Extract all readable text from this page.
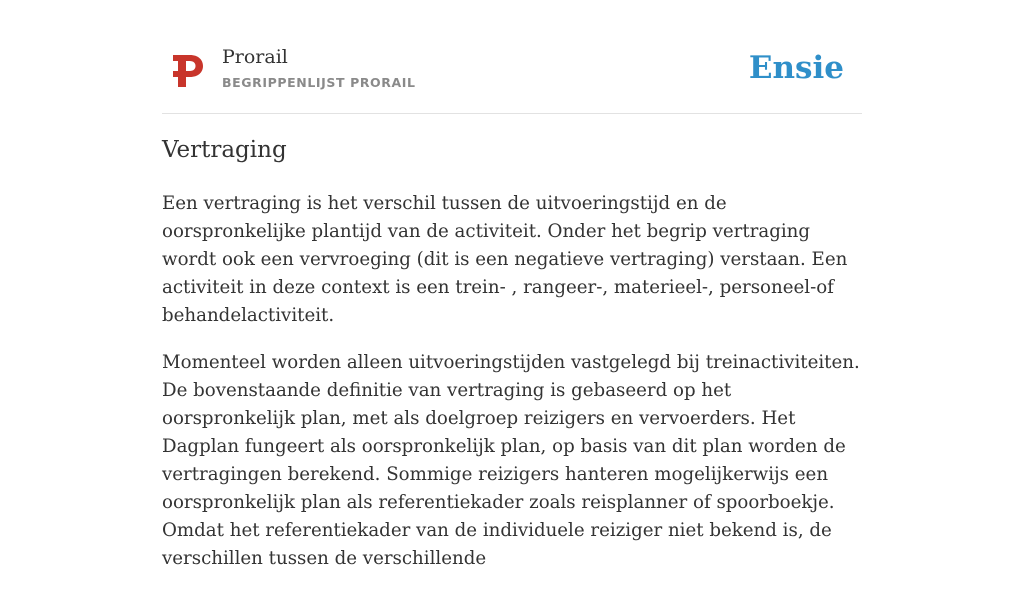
Prorail
BEGRIPPENLIJST PRORAIL	Ensie
Vertraging

Een vertraging is het verschil tussen de uitvoeringstijd en de oorspronkelijke plantijd van de activiteit. Onder het begrip vertraging wordt ook een vervroeging (dit is een negatieve vertraging) verstaan. Een activiteit in deze context is een trein- , rangeer-, materieel-, personeel-of behandelactiviteit.

Momenteel worden alleen uitvoeringstijden vastgelegd bij treinactiviteiten. De bovenstaande definitie van vertraging is gebaseerd op het oorspronkelijk plan, met als doelgroep reizigers en vervoerders. Het Dagplan fungeert als oorspronkelijk plan, op basis van dit plan worden de vertragingen berekend. Sommige reizigers hanteren mogelijkerwijs een oorspronkelijk plan als referentiekader zoals reisplanner of spoorboekje. Omdat het referentiekader van de individuele reiziger niet bekend is, de verschillen tussen de verschillende
